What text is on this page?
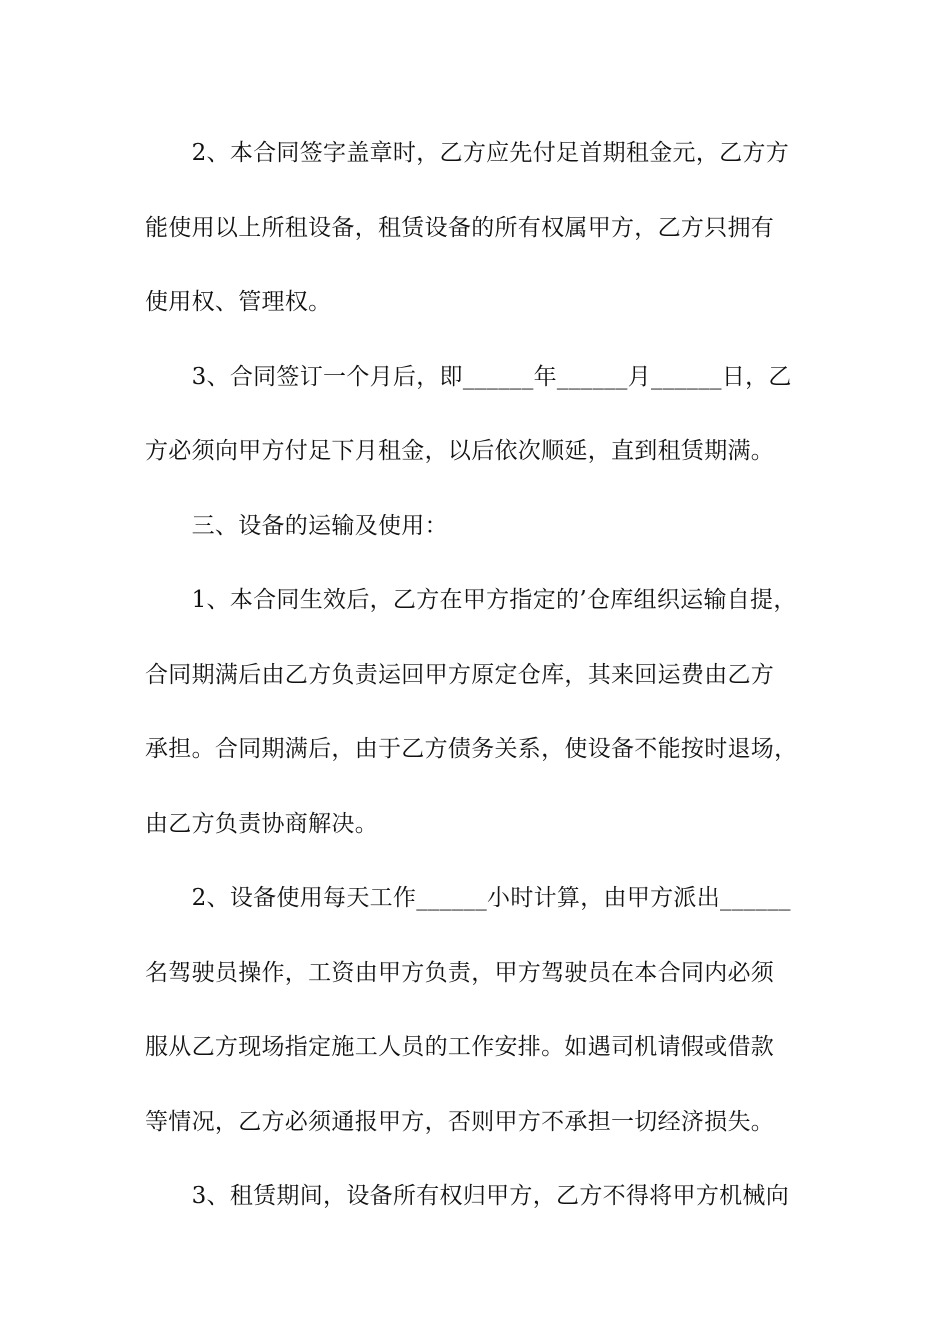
　　2、本合同签字盖章时，乙方应先付足首期租金元，乙方方
能使用以上所租设备，租赁设备的所有权属甲方，乙方只拥有
使用权、管理权。
　　3、合同签订一个月后，即______年______月______日，乙
方必须向甲方付足下月租金，以后依次顺延，直到租赁期满。
　　三、设备的运输及使用：
　　1、本合同生效后，乙方在甲方指定的’仓库组织运输自提，
合同期满后由乙方负责运回甲方原定仓库，其来回运费由乙方
承担。合同期满后，由于乙方债务关系，使设备不能按时退场，
由乙方负责协商解决。
　　2、设备使用每天工作______小时计算，由甲方派出______
名驾驶员操作，工资由甲方负责，甲方驾驶员在本合同内必须
服从乙方现场指定施工人员的工作安排。如遇司机请假或借款
等情况，乙方必须通报甲方，否则甲方不承担一切经济损失。
　　3、租赁期间，设备所有权归甲方，乙方不得将甲方机械向
